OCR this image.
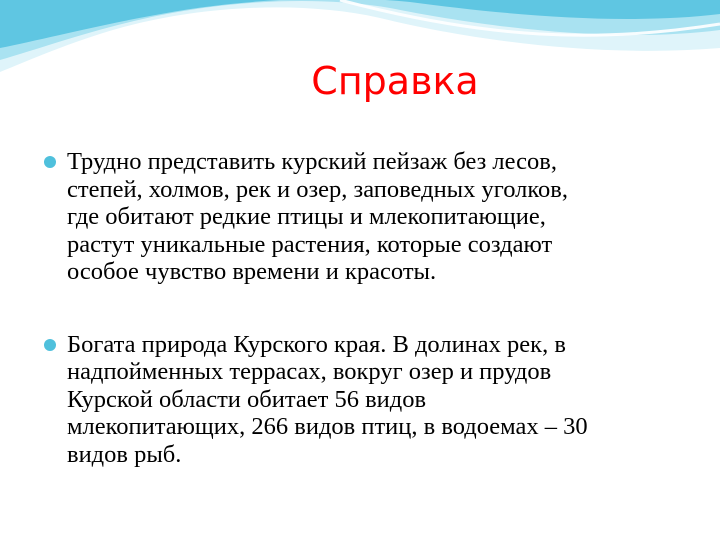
Справка
Трудно представить курский пейзаж без лесов,
степей, холмов, рек и озер, заповедных уголков,
где обитают редкие птицы и млекопитающие,
растут уникальные растения, которые создают
особое чувство времени и красоты.
Богата природа Курского края. В долинах рек, в
надпойменных террасах, вокруг озер и прудов
Курской области обитает 56 видов
млекопитающих, 266 видов птиц, в водоемах – 30
видов рыб.
